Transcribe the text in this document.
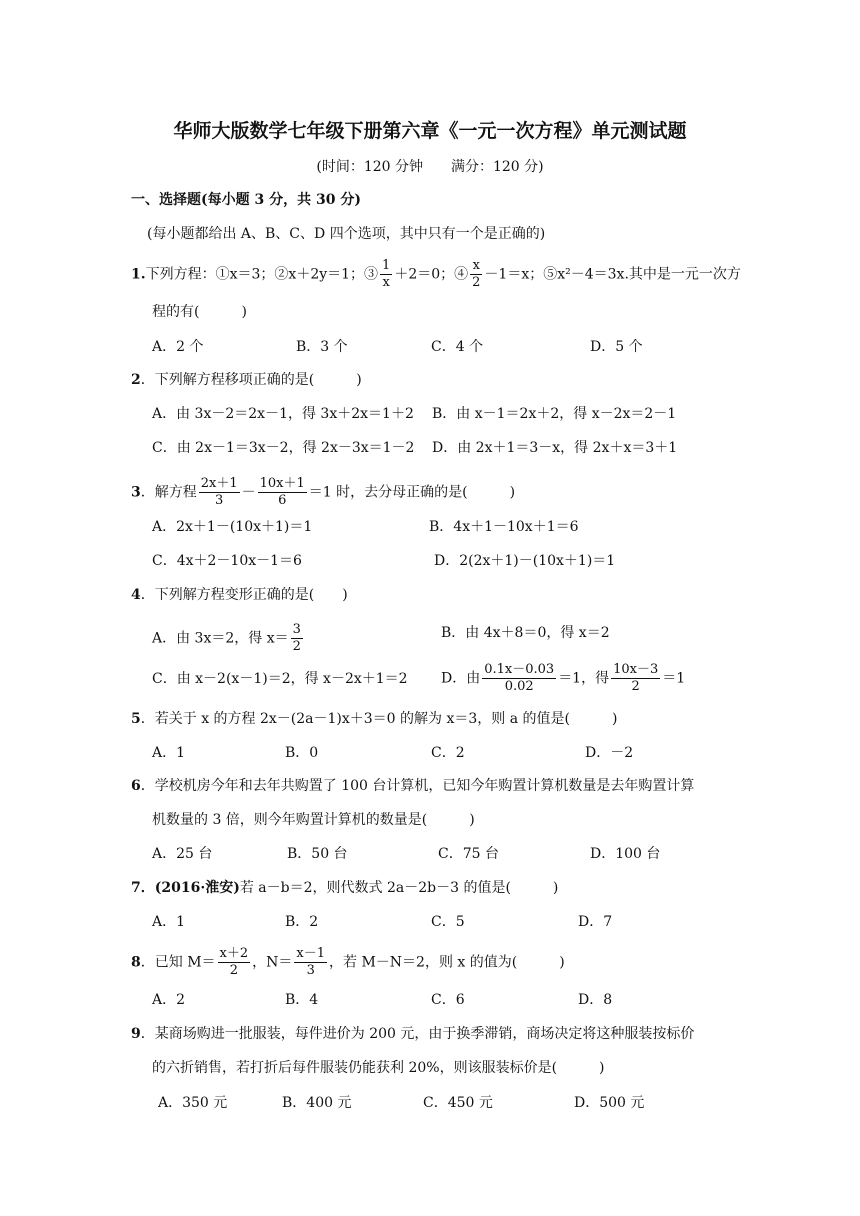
华师大版数学七年级下册第六章《一元一次方程》单元测试题
(时间：120 分钟　　满分：120 分)
一、选择题(每小题 3 分，共 30 分)
(每小题都给出 A、B、C、D 四个选项，其中只有一个是正确的)
1.下列方程：①x＝3；②x＋2y＝1；③ $\frac{1}{x} +2=0$；④ $\frac{x}{2} -1=x$；⑤x²－4＝3x.其中是一元一次方
程的有(　　　)
A．2 个	B．3 个	C．4 个	D．5 个
2．下列解方程移项正确的是(　　　)
A．由 3x－2＝2x－1，得 3x＋2x＝1＋2 B．由 x－1＝2x＋2，得 x－2x＝2－1
C．由 2x－1＝3x－2，得 2x－3x＝1－2 D．由 2x＋1＝3－x，得 2x＋x＝3＋1
3．解方程 $\frac{2x+1}{3} - \frac{10x+1}{6} =1$ 时，去分母正确的是(　　　)
A．2x＋1－(10x＋1)＝1	B．4x＋1－10x＋1＝6
C．4x＋2－10x－1＝6	D．2(2x＋1)－(10x＋1)＝1
4．下列解方程变形正确的是(　　)
A．由 3x＝2，得 $x= \frac{3}{2}$	B．由 4x＋8＝0，得 x＝2
C．由 x－2(x－1)＝2，得 x－2x＋1＝2 D．由 $\frac{0.1x-0.03}{0.02} =1$，得 $\frac{10x-3}{2} =1$
5．若关于 x 的方程 2x－(2a－1)x＋3＝0 的解为 x＝3，则 a 的值是(　　　)
A．1	B．0	C．2	D．－2
6．学校机房今年和去年共购置了 100 台计算机，已知今年购置计算机数量是去年购置计算
机数量的 3 倍，则今年购置计算机的数量是(　　　)
A．25 台	B．50 台	C．75 台	D．100 台
7．(2016·淮安)若 a－b＝2，则代数式 2a－2b－3 的值是(　　　)
A．1	B．2	C．5	D．7
8．已知 $M= \frac{x+2}{2}$ ，$N= \frac{x-1}{3}$ ，若 M－N＝2，则 x 的值为(　　　)
A．2	B．4	C．6	D．8
9．某商场购进一批服装，每件进价为 200 元，由于换季滞销，商场决定将这种服装按标价
的六折销售，若打折后每件服装仍能获利 20%，则该服装标价是(　　　)
A．350 元	B．400 元	C．450 元	D．500 元
